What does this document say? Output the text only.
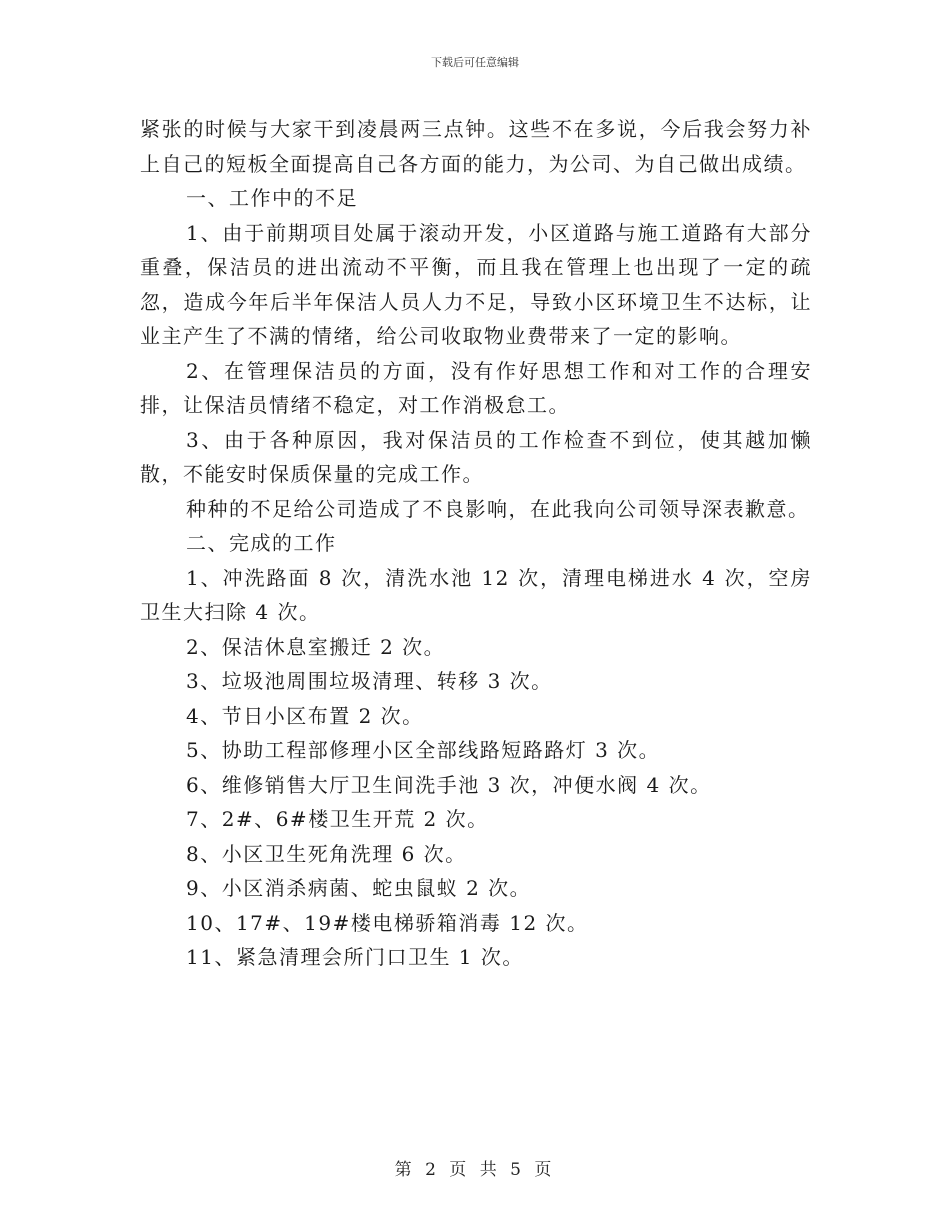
下载后可任意编辑

紧张的时候与大家干到凌晨两三点钟。这些不在多说，今后我会努力补上自己的短板全面提高自己各方面的能力，为公司、为自己做出成绩。

一、工作中的不足

1、由于前期项目处属于滚动开发，小区道路与施工道路有大部分重叠，保洁员的进出流动不平衡，而且我在管理上也出现了一定的疏忽，造成今年后半年保洁人员人力不足，导致小区环境卫生不达标，让业主产生了不满的情绪，给公司收取物业费带来了一定的影响。

2、在管理保洁员的方面，没有作好思想工作和对工作的合理安排，让保洁员情绪不稳定，对工作消极怠工。

3、由于各种原因，我对保洁员的工作检查不到位，使其越加懒散，不能安时保质保量的完成工作。

种种的不足给公司造成了不良影响，在此我向公司领导深表歉意。

二、完成的工作

1、冲洗路面 8 次，清洗水池 12 次，清理电梯进水 4 次，空房卫生大扫除 4 次。

2、保洁休息室搬迁 2 次。

3、垃圾池周围垃圾清理、转移 3 次。

4、节日小区布置 2 次。

5、协助工程部修理小区全部线路短路路灯 3 次。

6、维修销售大厅卫生间洗手池 3 次，冲便水阀 4 次。

7、2#、6#楼卫生开荒 2 次。

8、小区卫生死角洗理 6 次。

9、小区消杀病菌、蛇虫鼠蚁 2 次。

10、17#、19#楼电梯骄箱消毒 12 次。

11、紧急清理会所门口卫生 1 次。

第 2 页 共 5 页
